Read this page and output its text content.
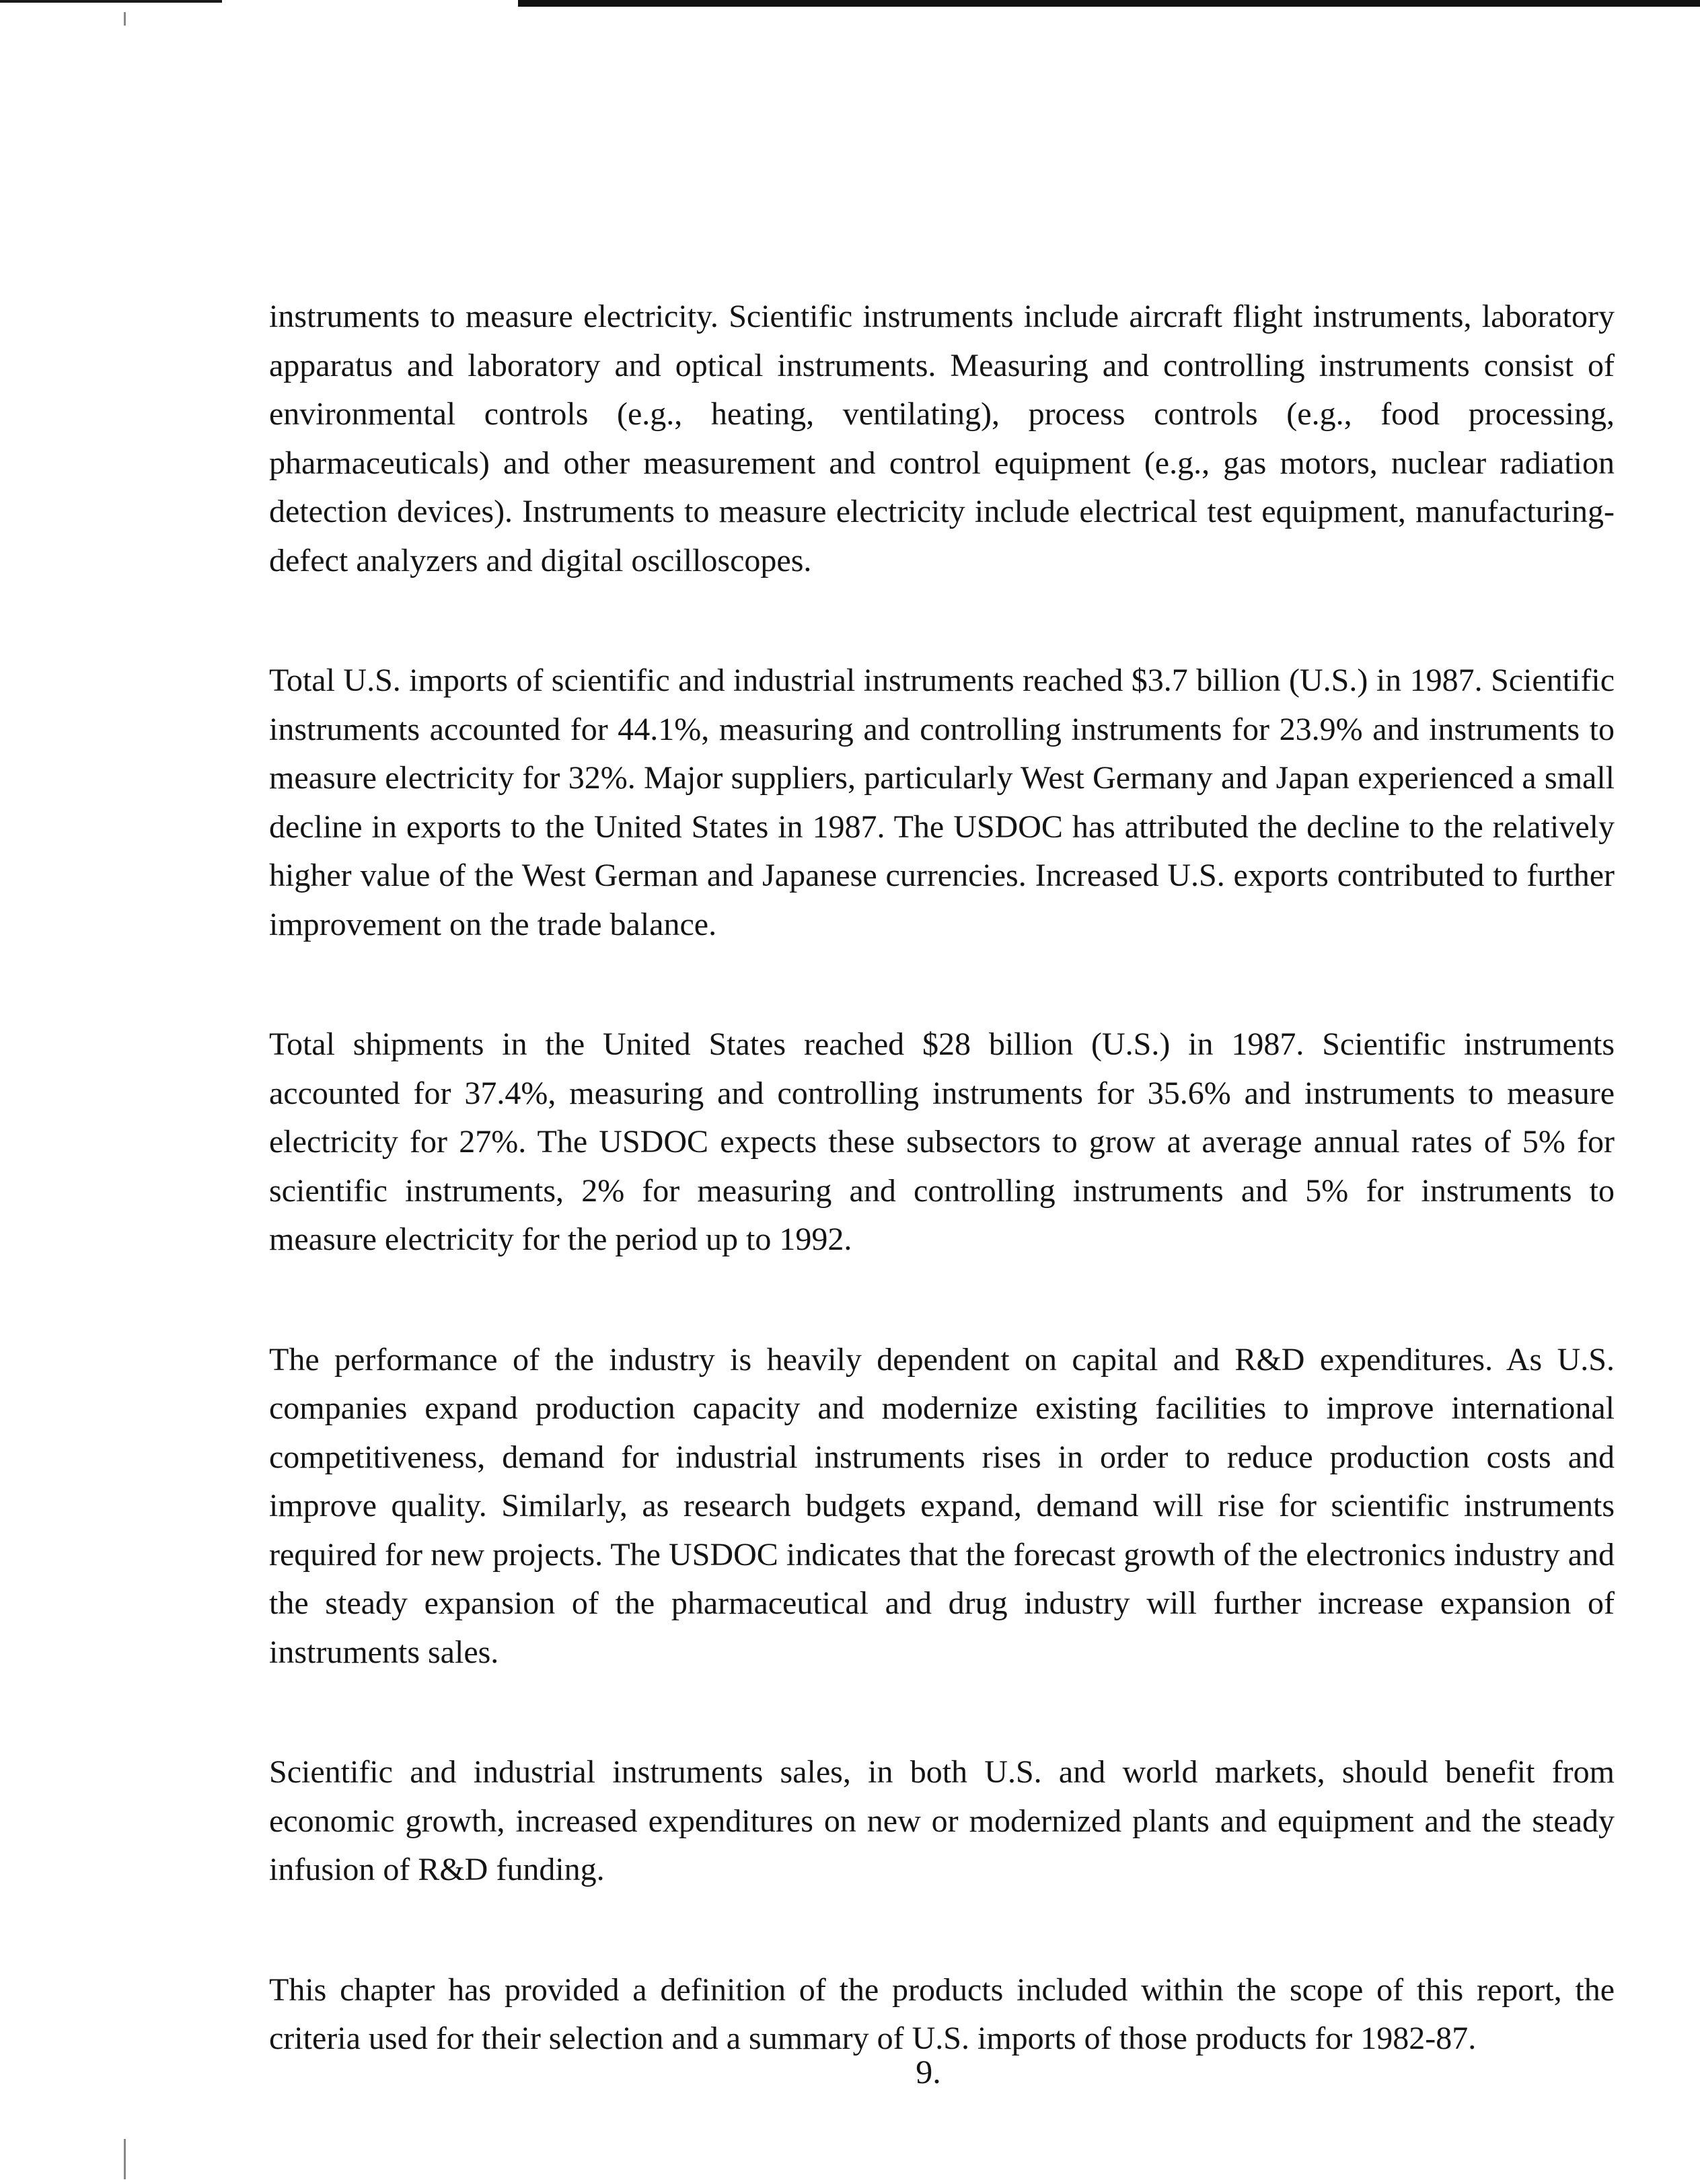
instruments to measure electricity. Scientific instruments include aircraft flight instruments, laboratory apparatus and laboratory and optical instruments. Measuring and controlling instruments consist of environmental controls (e.g., heating, ventilating), process controls (e.g., food processing, pharmaceuticals) and other measurement and control equipment (e.g., gas motors, nuclear radiation detection devices). Instruments to measure electricity include electrical test equipment, manufacturing-defect analyzers and digital oscilloscopes.

Total U.S. imports of scientific and industrial instruments reached $3.7 billion (U.S.) in 1987. Scientific instruments accounted for 44.1%, measuring and controlling instruments for 23.9% and instruments to measure electricity for 32%. Major suppliers, particularly West Germany and Japan experienced a small decline in exports to the United States in 1987. The USDOC has attributed the decline to the relatively higher value of the West German and Japanese currencies. Increased U.S. exports contributed to further improvement on the trade balance.

Total shipments in the United States reached $28 billion (U.S.) in 1987. Scientific instruments accounted for 37.4%, measuring and controlling instruments for 35.6% and instruments to measure electricity for 27%. The USDOC expects these subsectors to grow at average annual rates of 5% for scientific instruments, 2% for measuring and controlling instruments and 5% for instruments to measure electricity for the period up to 1992.

The performance of the industry is heavily dependent on capital and R&D expenditures. As U.S. companies expand production capacity and modernize existing facilities to improve international competitiveness, demand for industrial instruments rises in order to reduce production costs and improve quality. Similarly, as research budgets expand, demand will rise for scientific instruments required for new projects. The USDOC indicates that the forecast growth of the electronics industry and the steady expansion of the pharmaceutical and drug industry will further increase expansion of instruments sales.

Scientific and industrial instruments sales, in both U.S. and world markets, should benefit from economic growth, increased expenditures on new or modernized plants and equipment and the steady infusion of R&D funding.

This chapter has provided a definition of the products included within the scope of this report, the criteria used for their selection and a summary of U.S. imports of those products for 1982-87.

9.
